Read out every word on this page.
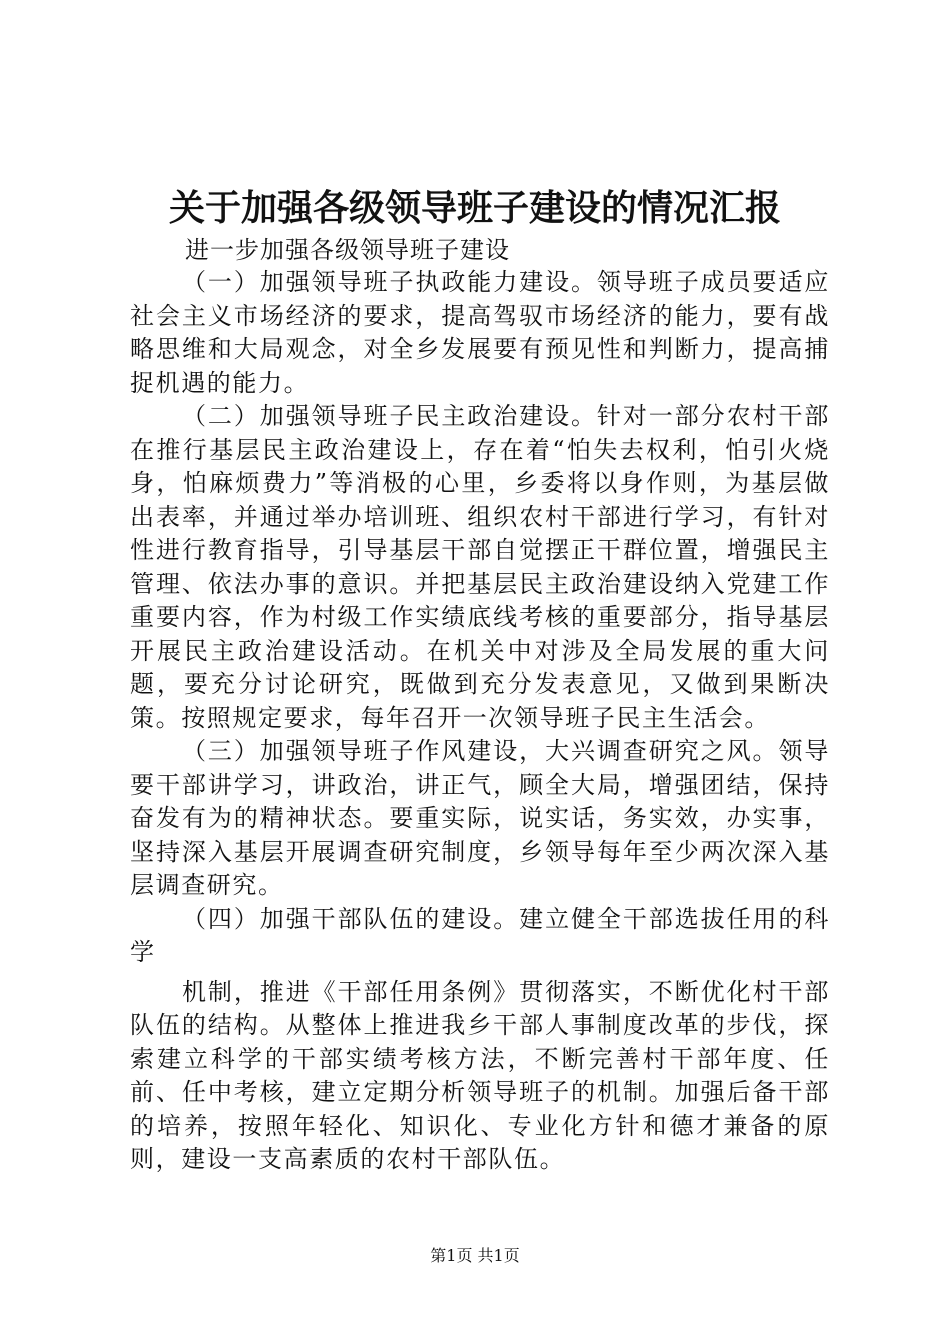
关于加强各级领导班子建设的情况汇报
进一步加强各级领导班子建设

（一）加强领导班子执政能力建设。领导班子成员要适应社会主义市场经济的要求，提高驾驭市场经济的能力，要有战略思维和大局观念，对全乡发展要有预见性和判断力，提高捕捉机遇的能力。

（二）加强领导班子民主政治建设。针对一部分农村干部在推行基层民主政治建设上，存在着“怕失去权利，怕引火烧身，怕麻烦费力”等消极的心里，乡委将以身作则，为基层做出表率，并通过举办培训班、组织农村干部进行学习，有针对性进行教育指导，引导基层干部自觉摆正干群位置，增强民主管理、依法办事的意识。并把基层民主政治建设纳入党建工作重要内容，作为村级工作实绩底线考核的重要部分，指导基层开展民主政治建设活动。在机关中对涉及全局发展的重大问题，要充分讨论研究，既做到充分发表意见，又做到果断决策。按照规定要求，每年召开一次领导班子民主生活会。

（三）加强领导班子作风建设，大兴调查研究之风。领导要干部讲学习，讲政治，讲正气，顾全大局，增强团结，保持奋发有为的精神状态。要重实际，说实话，务实效，办实事，坚持深入基层开展调查研究制度，乡领导每年至少两次深入基层调查研究。

（四）加强干部队伍的建设。建立健全干部选拔任用的科学

机制，推进《干部任用条例》贯彻落实，不断优化村干部队伍的结构。从整体上推进我乡干部人事制度改革的步伐，探索建立科学的干部实绩考核方法，不断完善村干部年度、任前、任中考核，建立定期分析领导班子的机制。加强后备干部的培养，按照年轻化、知识化、专业化方针和德才兼备的原则，建设一支高素质的农村干部队伍。

第1页 共1页
